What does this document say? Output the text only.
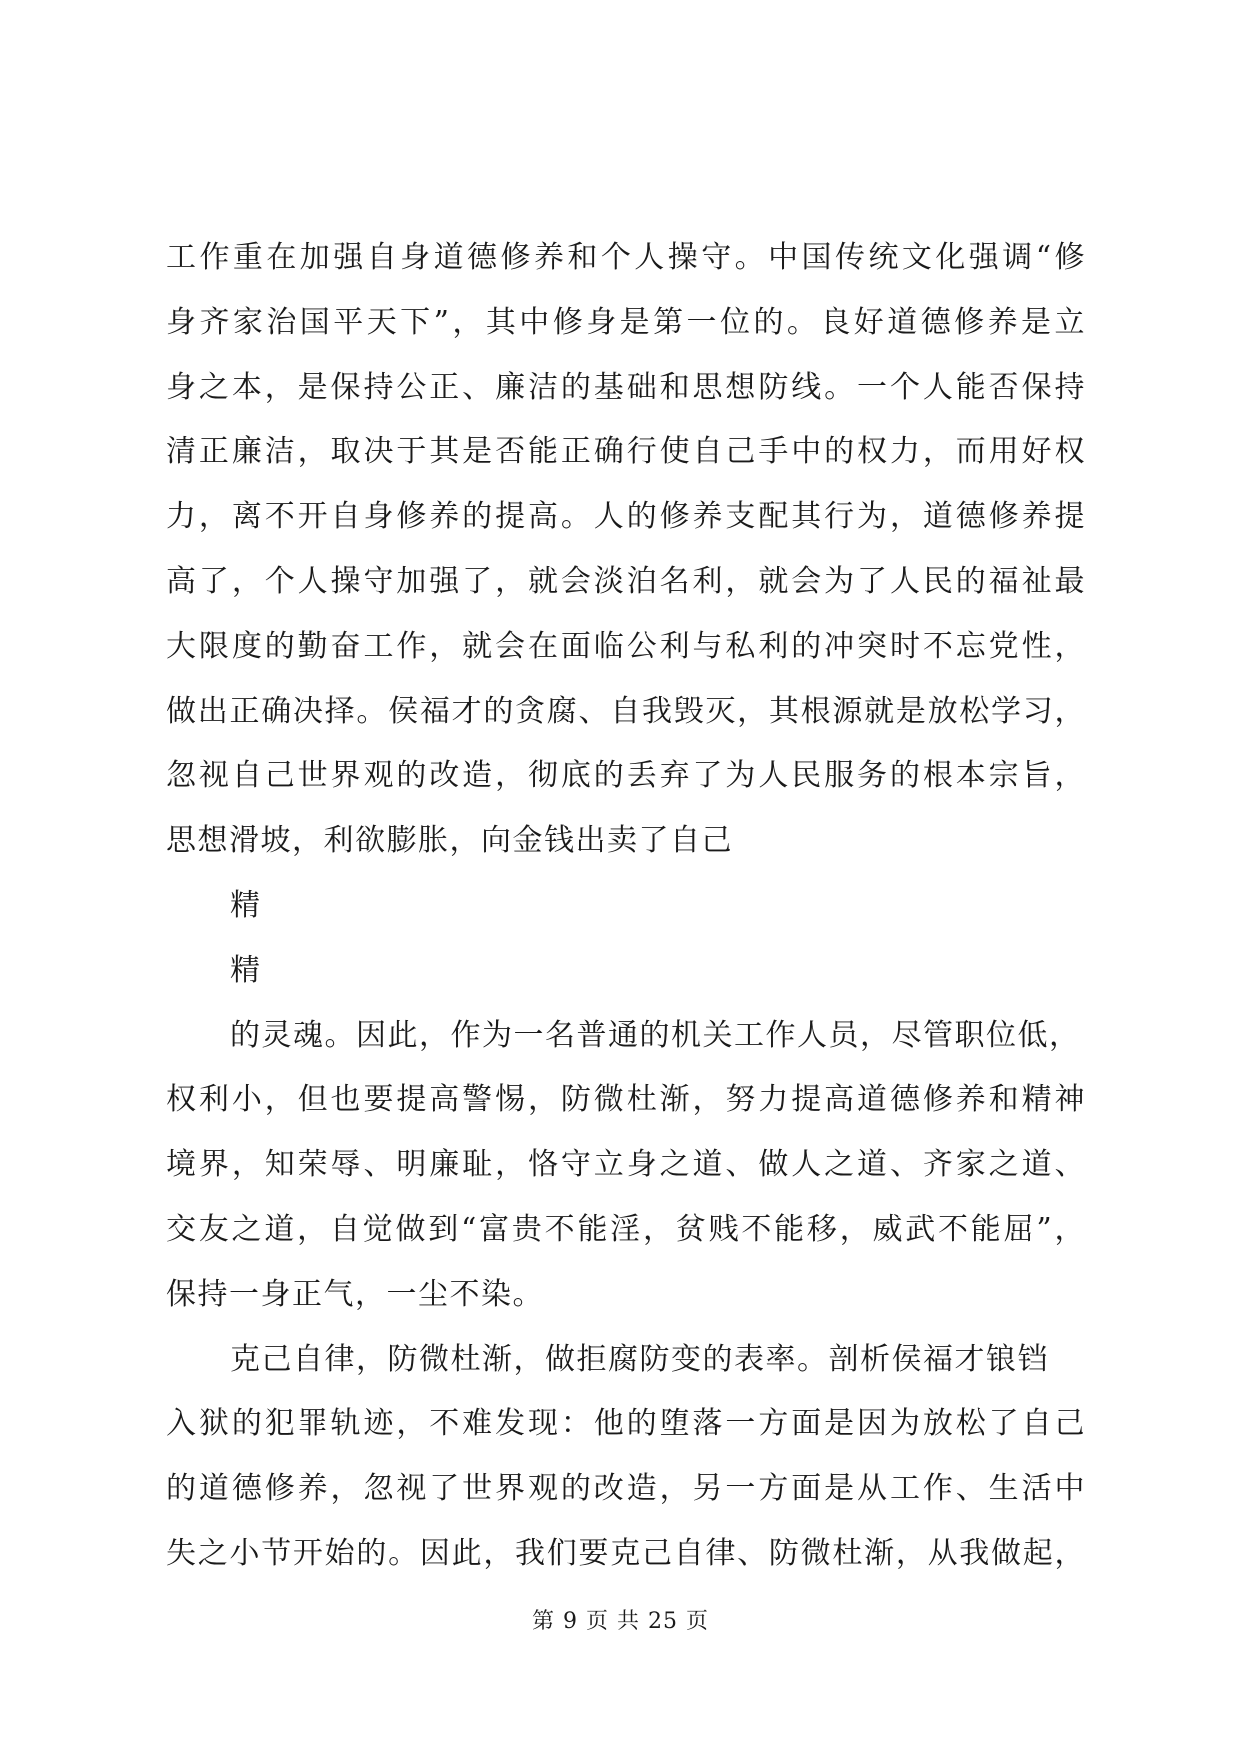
工作重在加强自身道德修养和个人操守。中国传统文化强调“修
身齐家治国平天下”，其中修身是第一位的。良好道德修养是立
身之本，是保持公正、廉洁的基础和思想防线。一个人能否保持
清正廉洁，取决于其是否能正确行使自己手中的权力，而用好权
力，离不开自身修养的提高。人的修养支配其行为，道德修养提
高了，个人操守加强了，就会淡泊名利，就会为了人民的福祉最
大限度的勤奋工作，就会在面临公利与私利的冲突时不忘党性，
做出正确决择。侯福才的贪腐、自我毁灭，其根源就是放松学习，
忽视自己世界观的改造，彻底的丢弃了为人民服务的根本宗旨，
思想滑坡，利欲膨胀，向金钱出卖了自己
精
精
的灵魂。因此，作为一名普通的机关工作人员，尽管职位低，
权利小，但也要提高警惕，防微杜渐，努力提高道德修养和精神
境界，知荣辱、明廉耻，恪守立身之道、做人之道、齐家之道、
交友之道，自觉做到“富贵不能淫，贫贱不能移，威武不能屈”，
保持一身正气，一尘不染。
克己自律，防微杜渐，做拒腐防变的表率。剖析侯福才锒铛
入狱的犯罪轨迹，不难发现：他的堕落一方面是因为放松了自己
的道德修养，忽视了世界观的改造，另一方面是从工作、生活中
失之小节开始的。因此，我们要克己自律、防微杜渐，从我做起，
第 9 页 共 25 页
